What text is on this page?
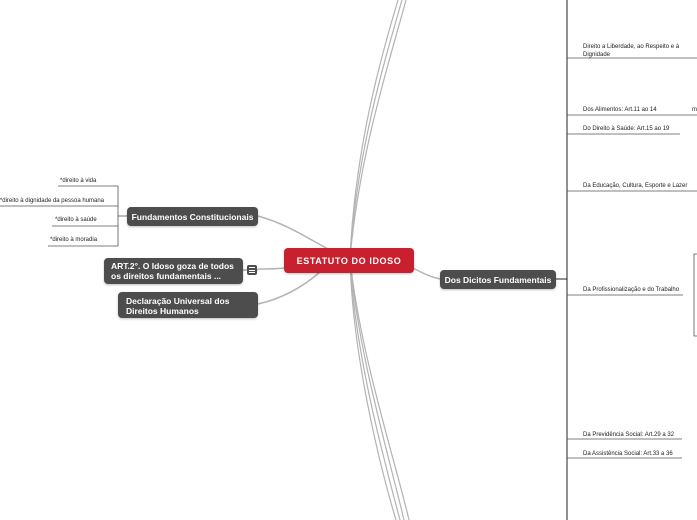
ESTATUTO DO IDOSO
Fundamentos Constitucionais
ART.2°. O Idoso goza de todos os direitos fundamentais ...
Declaração Universal dos Direitos Humanos
*direito à vida
*direito à dignidade da pessoa humana
*direito à saúde
*direito à moradia
Dos Dicitos Fundamentais
Direito a Liberdade, ao Respeito e à Dignidade
Dos Alimentos: Art.11 ao 14	m
Do Direito à Saúde: Art.15 ao 19
Da Educação, Cultura, Esporte e Lazer
Da Profissionalização e do Trabalho
Da Previdência Social: Art.29 a 32
Da Assistência Social: Art.33 a 36
